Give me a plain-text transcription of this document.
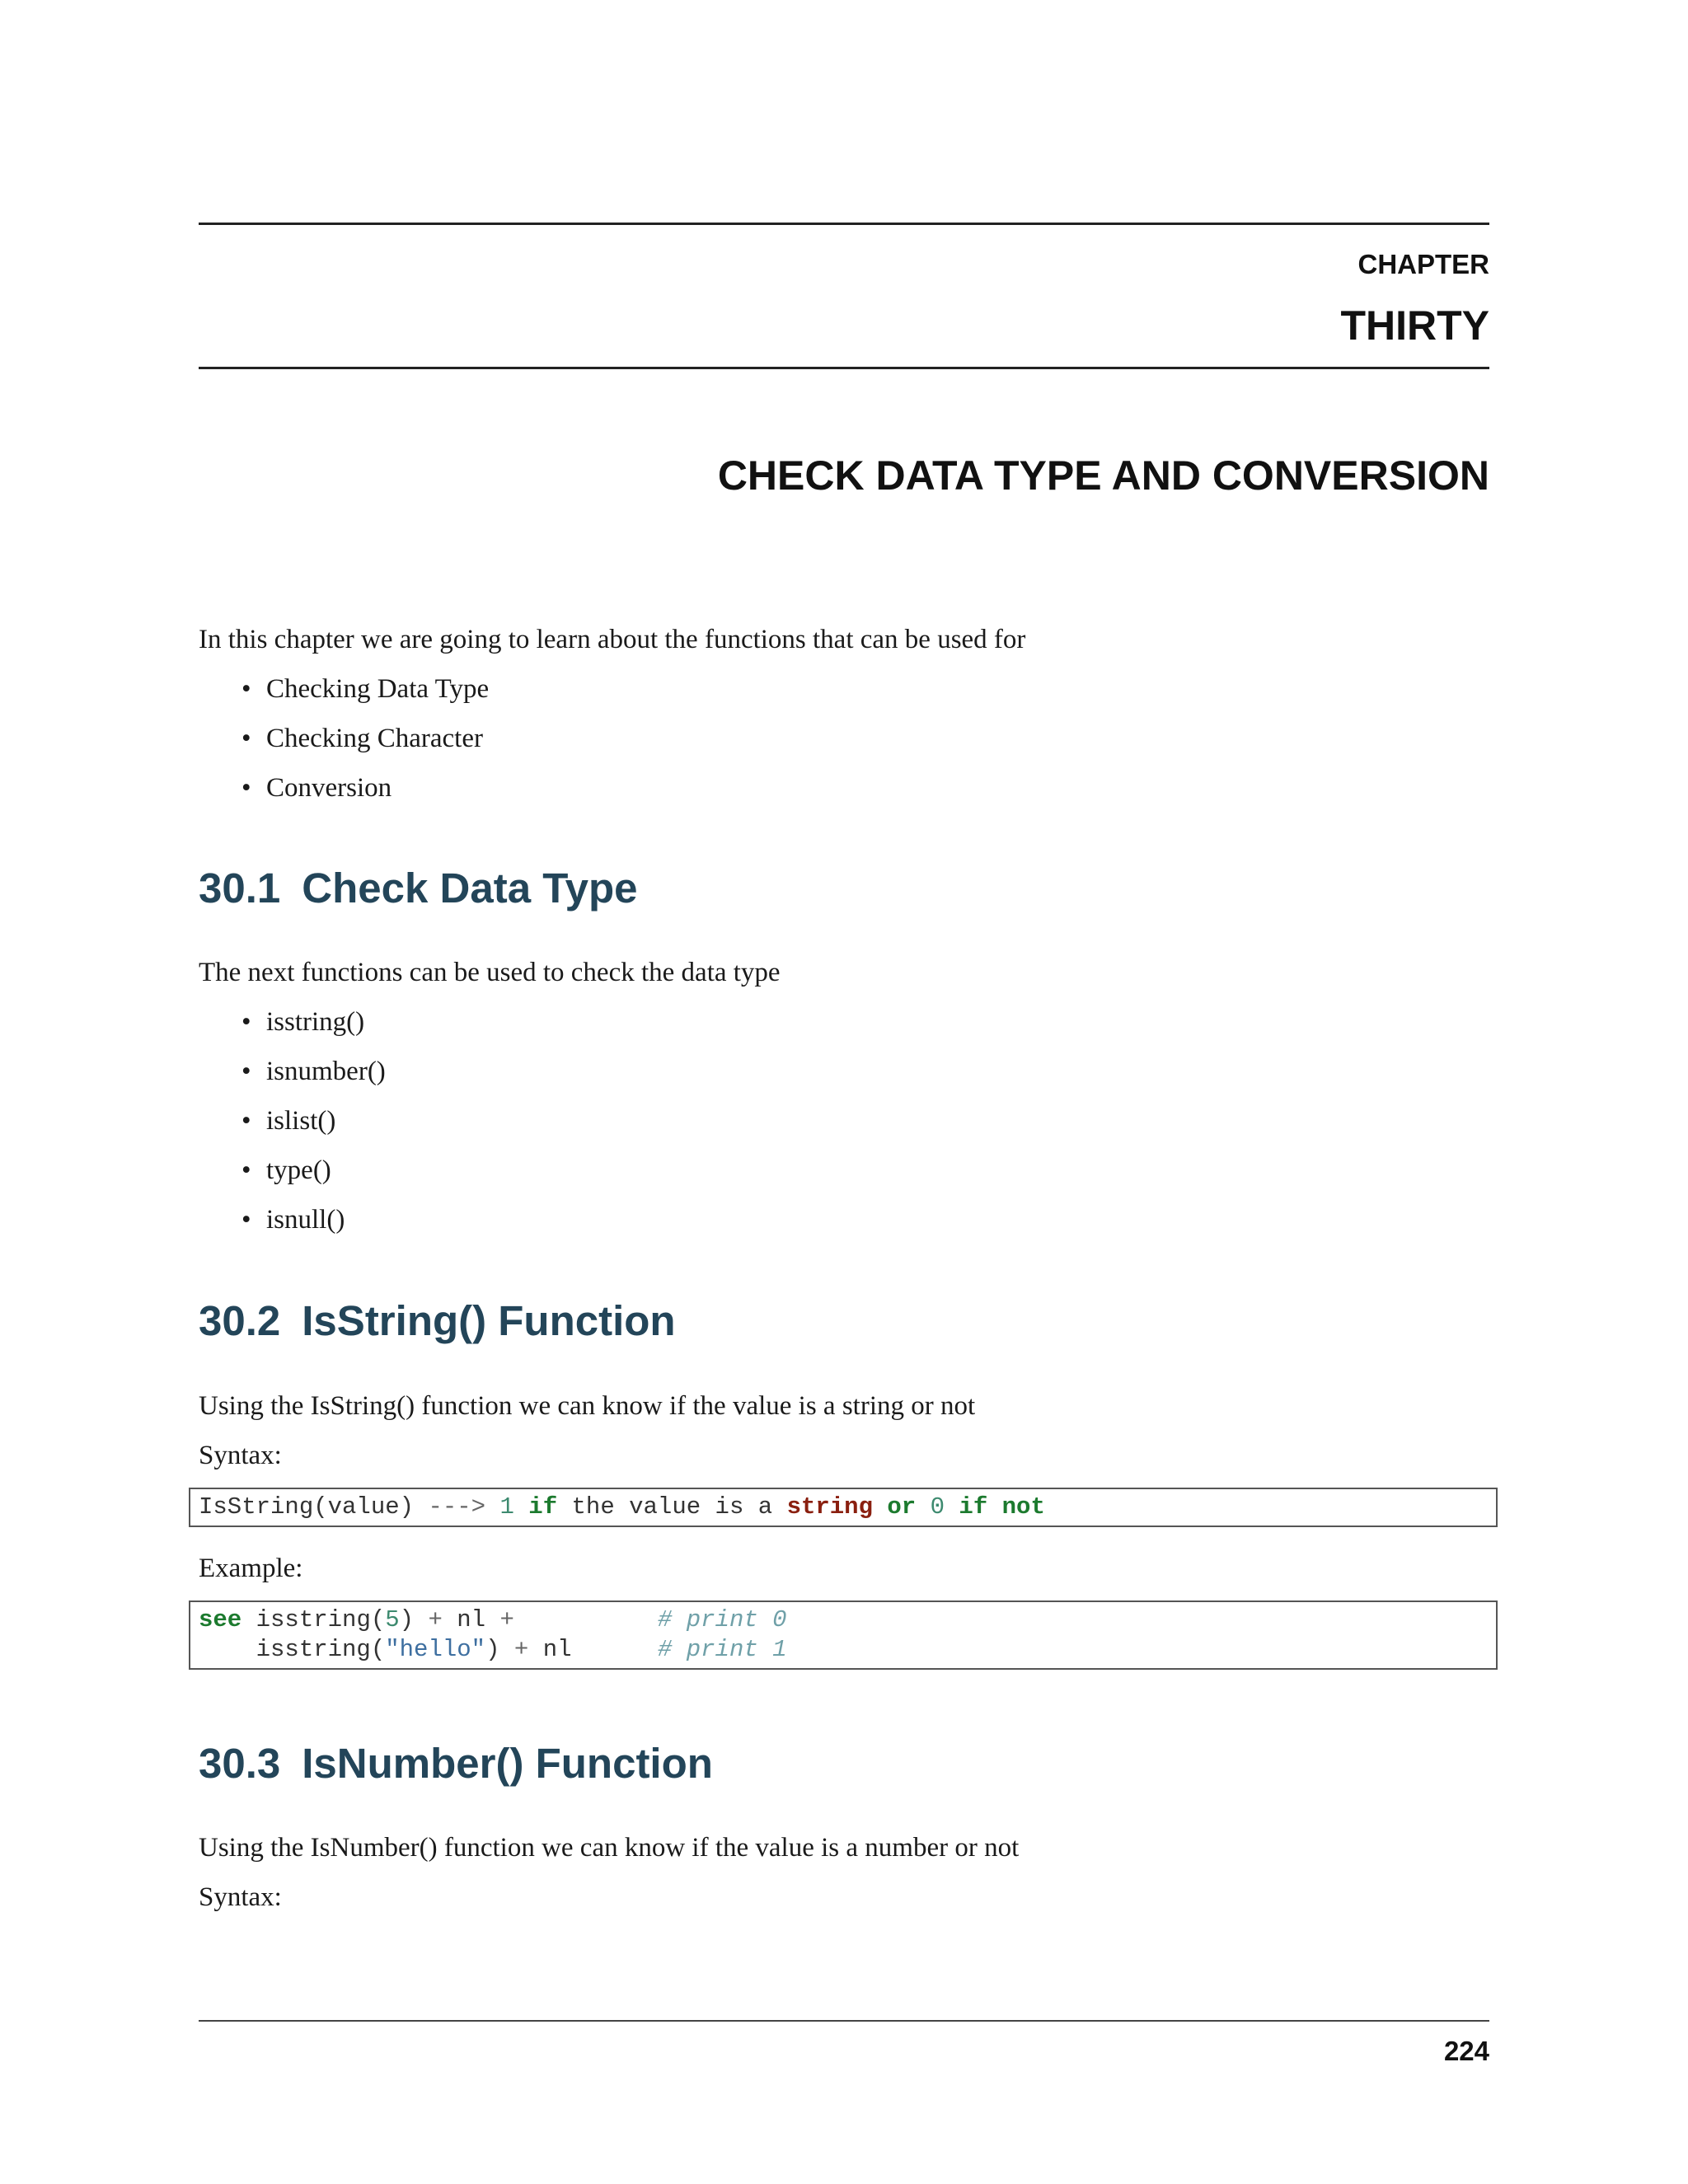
CHAPTER
THIRTY
CHECK DATA TYPE AND CONVERSION
In this chapter we are going to learn about the functions that can be used for
• Checking Data Type
• Checking Character
• Conversion
30.1 Check Data Type
The next functions can be used to check the data type
• isstring()
• isnumber()
• islist()
• type()
• isnull()
30.2 IsString() Function
Using the IsString() function we can know if the value is a string or not
Syntax:
IsString(value) ---> 1 if the value is a string or 0 if not
Example:
see isstring(5) + nl +	# print 0
isstring("hello") + nl      # print 1
30.3 IsNumber() Function
Using the IsNumber() function we can know if the value is a number or not
Syntax:
224
